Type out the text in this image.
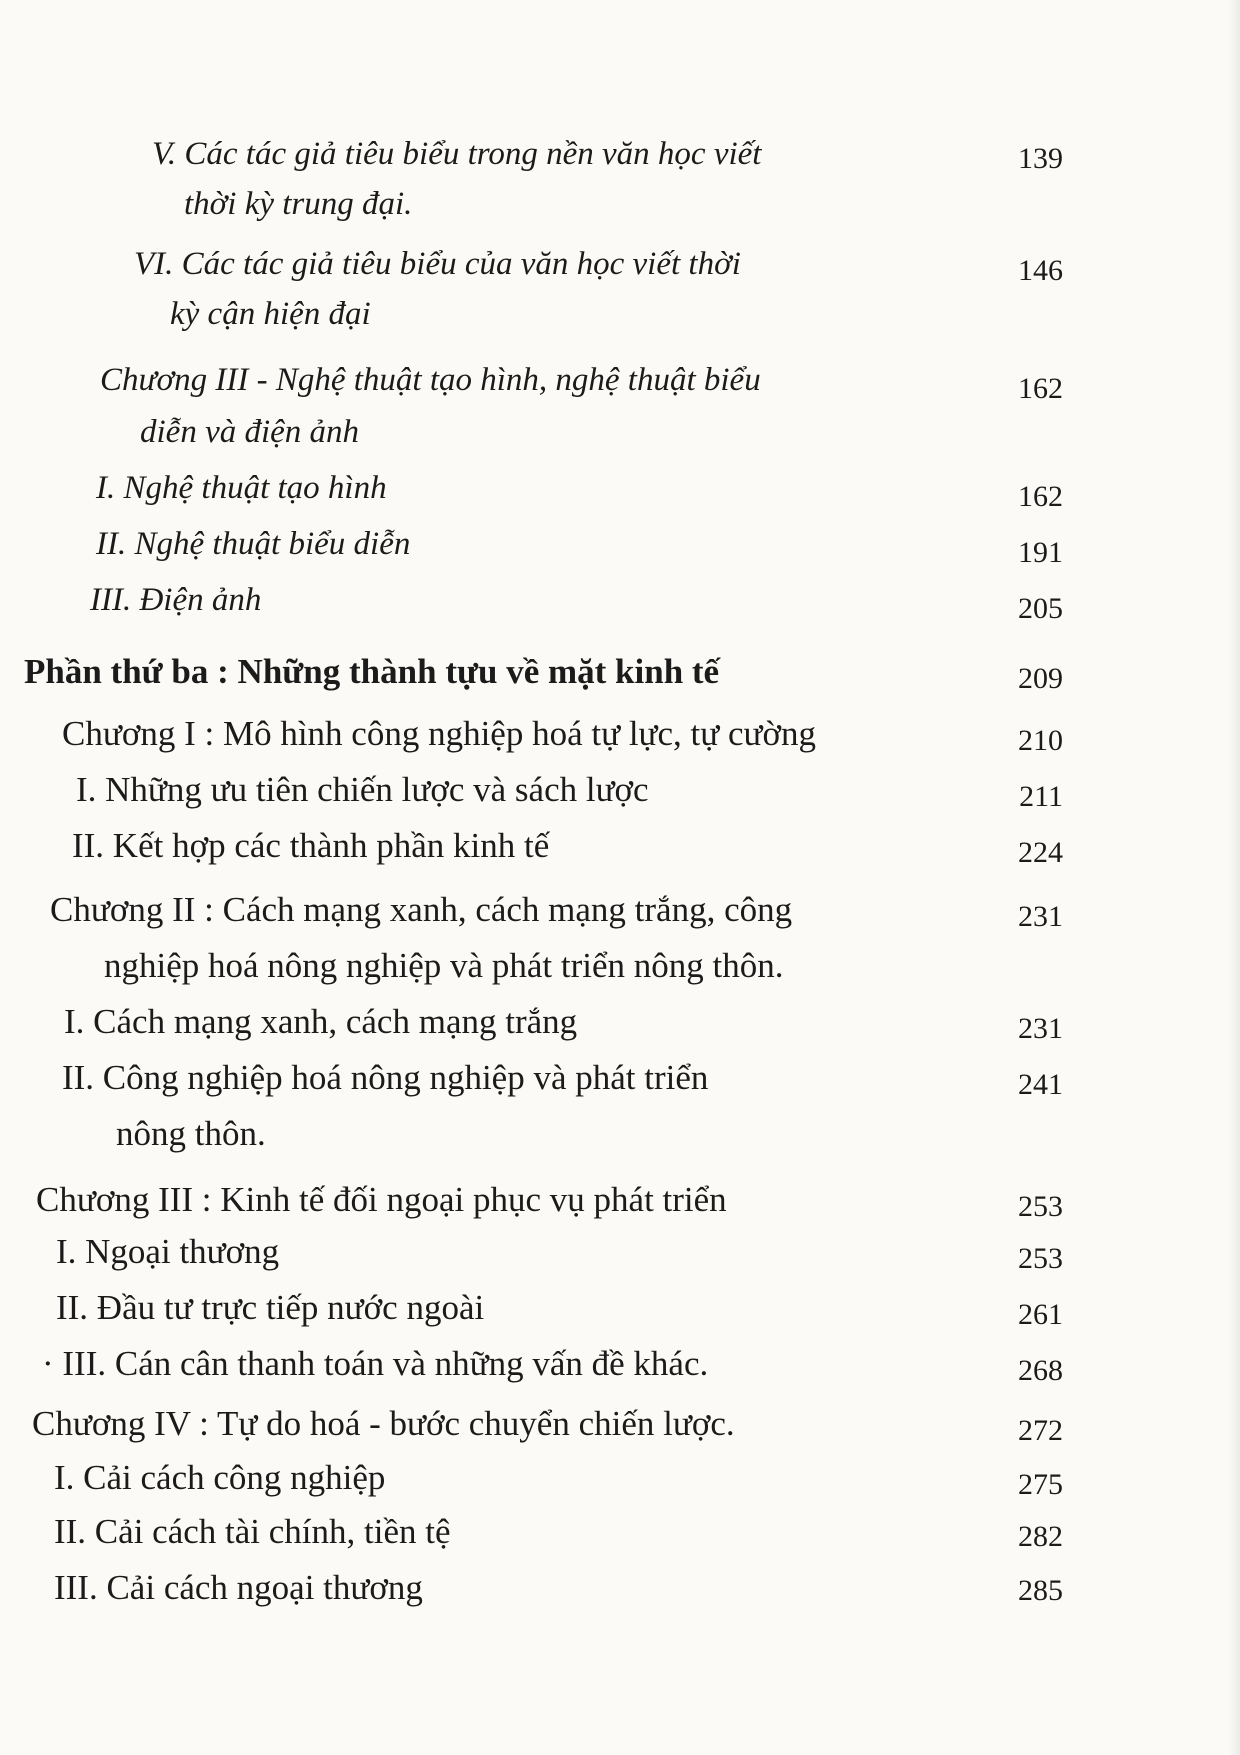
V. Các tác giả tiêu biểu trong nền văn học viết
thời kỳ trung đại.
139
VI. Các tác giả tiêu biểu của văn học viết thời
kỳ cận hiện đại
146
Chương III - Nghệ thuật tạo hình, nghệ thuật biểu
diễn và điện ảnh
162
I. Nghệ thuật tạo hình	162
II. Nghệ thuật biểu diễn	191
III. Điện ảnh	205
Phần thứ ba : Những thành tựu về mặt kinh tế	209
Chương I : Mô hình công nghiệp hoá tự lực, tự cường	210
I. Những ưu tiên chiến lược và sách lược	211
II. Kết hợp các thành phần kinh tế	224
Chương II : Cách mạng xanh, cách mạng trắng, công
nghiệp hoá nông nghiệp và phát triển nông thôn.
231
I. Cách mạng xanh, cách mạng trắng	231
II. Công nghiệp hoá nông nghiệp và phát triển
nông thôn.
241
Chương III : Kinh tế đối ngoại phục vụ phát triển	253
I. Ngoại thương	253
II. Đầu tư trực tiếp nước ngoài	261
· III. Cán cân thanh toán và những vấn đề khác.	268
Chương IV : Tự do hoá - bước chuyển chiến lược.	272
I. Cải cách công nghiệp	275
II. Cải cách tài chính, tiền tệ	282
III. Cải cách ngoại thương	285
